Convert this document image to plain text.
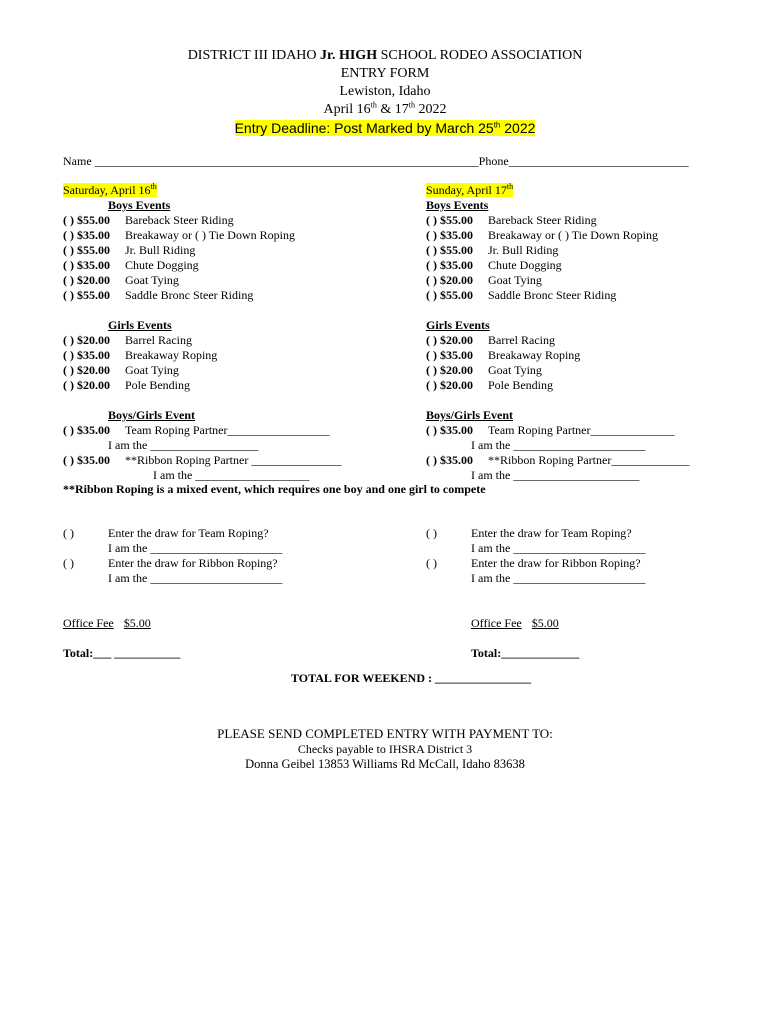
DISTRICT III IDAHO Jr. HIGH SCHOOL RODEO ASSOCIATION
ENTRY FORM
Lewiston, Idaho
April 16th & 17th 2022
Entry Deadline: Post Marked by March 25th 2022
Name ________________________________________________________________Phone______________________________
Saturday, April 16th
Boys Events
( ) $55.00 Bareback Steer Riding
( ) $35.00 Breakaway or ( ) Tie Down Roping
( ) $55.00 Jr. Bull Riding
( ) $35.00 Chute Dogging
( ) $20.00 Goat Tying
( ) $55.00 Saddle Bronc Steer Riding
Girls Events
( ) $20.00 Barrel Racing
( ) $35.00 Breakaway Roping
( ) $20.00 Goat Tying
( ) $20.00 Pole Bending
Boys/Girls Event
( ) $35.00 Team Roping Partner_________________
I am the __________________
( ) $35.00 **Ribbon Roping Partner _______________
I am the ___________________
Sunday, April 17th
Boys Events
( ) $55.00 Bareback Steer Riding
( ) $35.00 Breakaway or ( ) Tie Down Roping
( ) $55.00 Jr. Bull Riding
( ) $35.00 Chute Dogging
( ) $20.00 Goat Tying
( ) $55.00 Saddle Bronc Steer Riding
Girls Events
( ) $20.00 Barrel Racing
( ) $35.00 Breakaway Roping
( ) $20.00 Goat Tying
( ) $20.00 Pole Bending
Boys/Girls Event
( ) $35.00 Team Roping Partner______________
I am the ______________________
( ) $35.00 **Ribbon Roping Partner_____________
I am the _____________________
**Ribbon Roping is a mixed event, which requires one boy and one girl to compete
( )	Enter the draw for Team Roping?
I am the ______________________
( )	Enter the draw for Ribbon Roping?
I am the ______________________
( )	Enter the draw for Team Roping?
I am the ______________________
( )	Enter the draw for Ribbon Roping?
I am the ______________________
Office Fee $5.00	Office Fee $5.00
Total:___ ___________	Total:_____________
TOTAL FOR WEEKEND : ________________
PLEASE SEND COMPLETED ENTRY WITH PAYMENT TO:
Checks payable to IHSRA District 3
Donna Geibel 13853 Williams Rd McCall, Idaho 83638
